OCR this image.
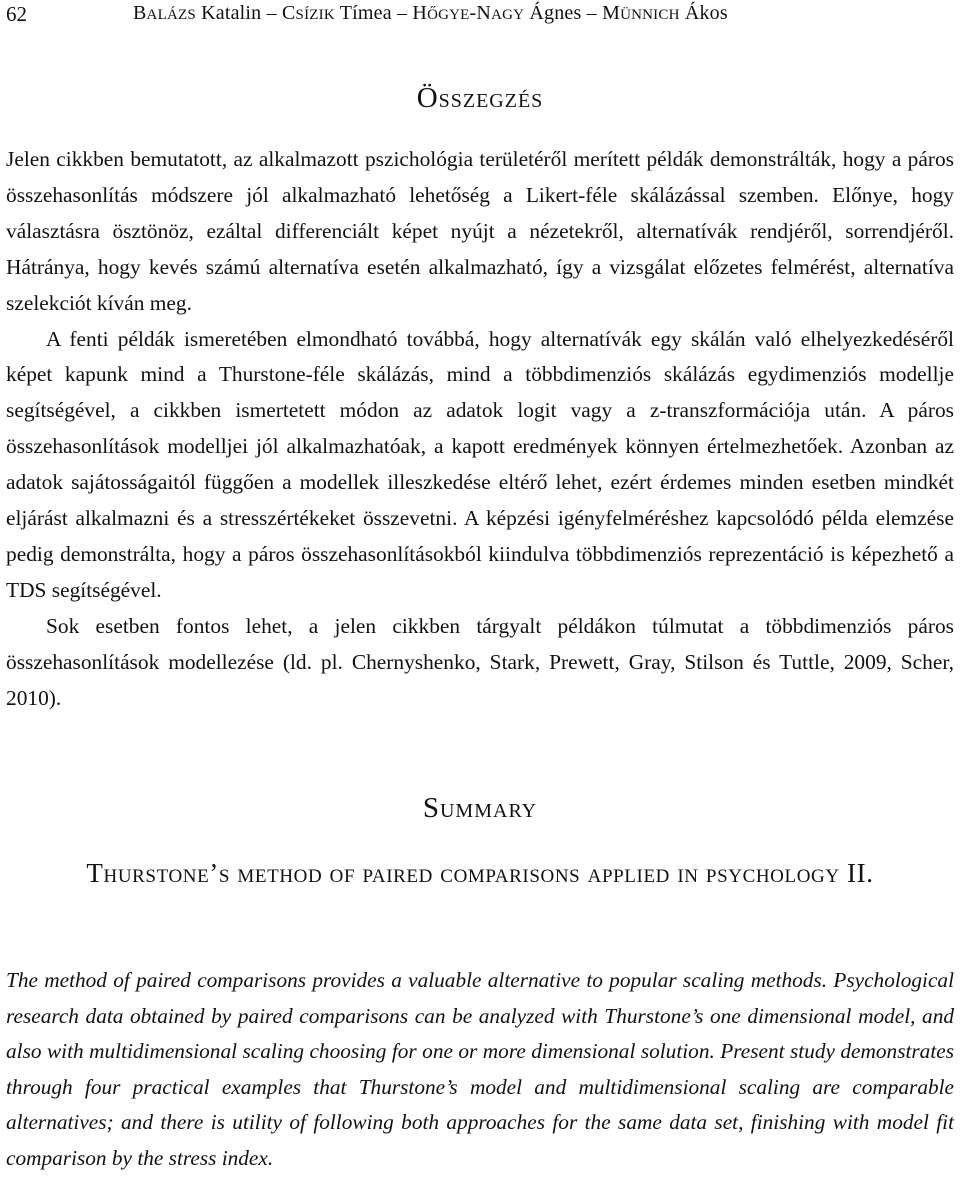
62	BALÁZS Katalin – CSÍZIK Tímea – HŐGYE-NAGY Ágnes – MÜNNICH Ákos
Összegzés

Jelen cikkben bemutatott, az alkalmazott pszichológia területéről merített példák demonstrálták, hogy a páros összehasonlítás módszere jól alkalmazható lehetőség a Likert-féle skálázással szemben. Előnye, hogy választásra ösztönöz, ezáltal differenciált képet nyújt a nézetekről, alternatívák rendjéről, sorrendjéről. Hátránya, hogy kevés számú alternatíva esetén alkalmazható, így a vizsgálat előzetes felmérést, alternatíva szelekciót kíván meg.

A fenti példák ismeretében elmondható továbbá, hogy alternatívák egy skálán való elhelyezkedéséről képet kapunk mind a Thurstone-féle skálázás, mind a többdimenziós skálázás egydimenziós modellje segítségével, a cikkben ismertetett módon az adatok logit vagy a z-transzformációja után. A páros összehasonlítások modelljei jól alkalmazhatóak, a kapott eredmények könnyen értelmezhetőek. Azonban az adatok sajátosságaitól függően a modellek illeszkedése eltérő lehet, ezért érdemes minden esetben mindkét eljárást alkalmazni és a stresszértékeket összevetni. A képzési igényfelméréshez kapcsolódó példa elemzése pedig demonstrálta, hogy a páros összehasonlításokból kiindulva többdimenziós reprezentáció is képezhető a TDS segítségével.

Sok esetben fontos lehet, a jelen cikkben tárgyalt példákon túlmutat a többdimenziós páros összehasonlítások modellezése (ld. pl. Chernyshenko, Stark, Prewett, Gray, Stilson és Tuttle, 2009, Scher, 2010).

Summary
Thurstone’s method of paired comparisons applied in psychology II.

The method of paired comparisons provides a valuable alternative to popular scaling methods. Psychological research data obtained by paired comparisons can be analyzed with Thurstone’s one dimensional model, and also with multidimensional scaling choosing for one or more dimensional solution. Present study demonstrates through four practical examples that Thurstone’s model and multidimensional scaling are comparable alternatives; and there is utility of following both approaches for the same data set, finishing with model fit comparison by the stress index.
